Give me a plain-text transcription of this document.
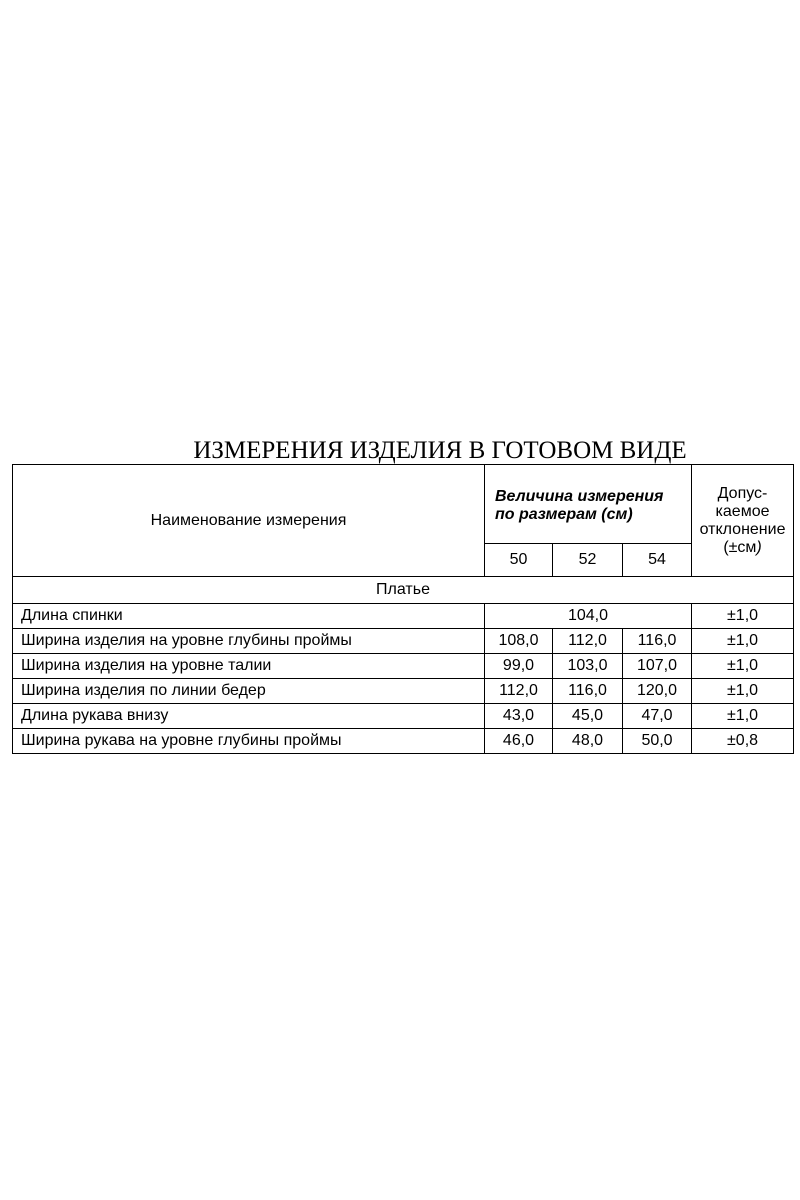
ИЗМЕРЕНИЯ ИЗДЕЛИЯ В ГОТОВОМ ВИДЕ
Наименование измерения	Величина измерения по размерам (см)			Допус-
каемое
отклонение
(±см)

	50	52	54	
Платье				
Длина спинки	104,0			±1,0
Ширина изделия на уровне глубины проймы	108,0	112,0	116,0	±1,0
Ширина изделия на уровне талии	99,0	103,0	107,0	±1,0
Ширина изделия по линии бедер	112,0	116,0	120,0	±1,0
Длина рукава внизу	43,0	45,0	47,0	±1,0
Ширина рукава на уровне глубины проймы	46,0	48,0	50,0	±0,8
